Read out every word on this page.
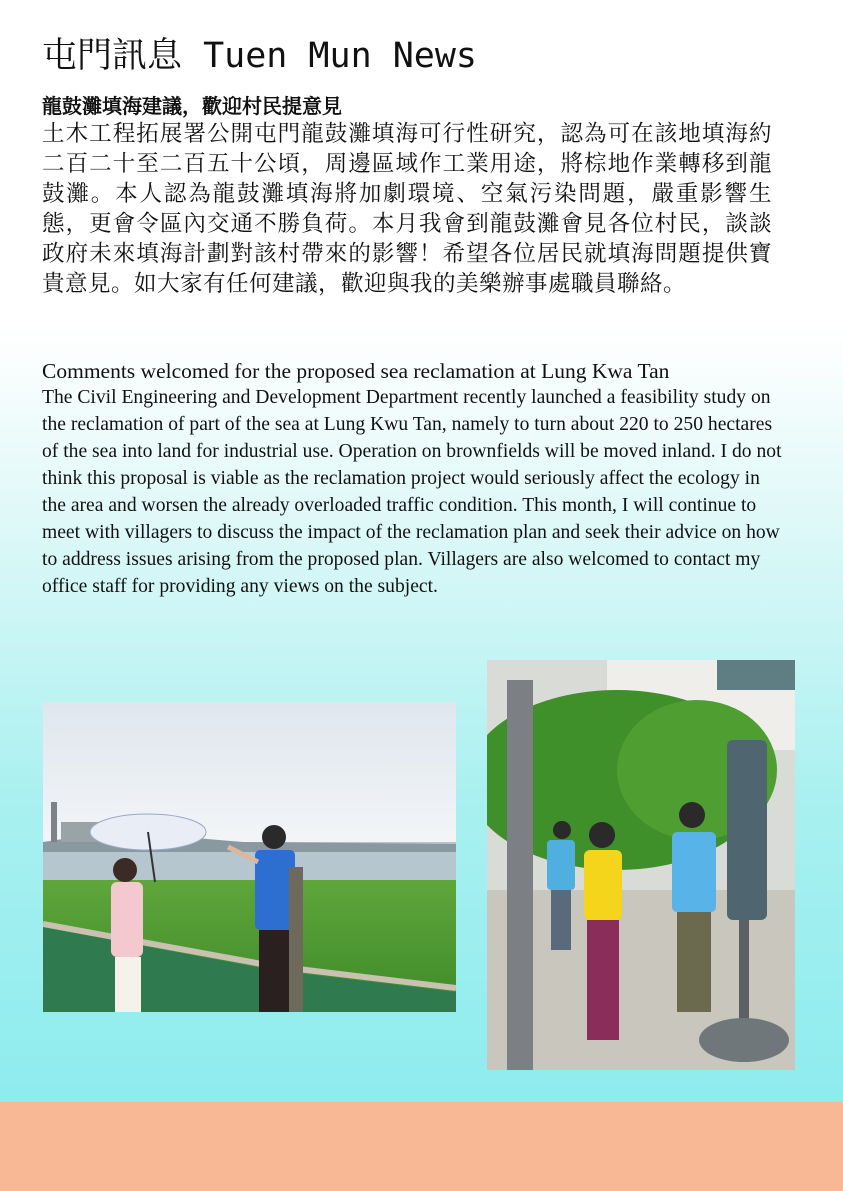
屯門訊息 Tuen Mun News
龍鼓灘填海建議，歡迎村民提意見
土木工程拓展署公開屯門龍鼓灘填海可行性研究，認為可在該地填海約二百二十至二百五十公頃，周邊區域作工業用途，將棕地作業轉移到龍鼓灘。本人認為龍鼓灘填海將加劇環境、空氣污染問題，嚴重影響生態，更會令區內交通不勝負荷。本月我會到龍鼓灘會見各位村民，談談政府未來填海計劃對該村帶來的影響！希望各位居民就填海問題提供寶貴意見。如大家有任何建議，歡迎與我的美樂辦事處職員聯絡。
Comments welcomed for the proposed sea reclamation at Lung Kwa Tan
The Civil Engineering and Development Department recently launched a feasibility study on the reclamation of part of the sea at Lung Kwu Tan, namely to turn about 220 to 250 hectares of the sea into land for industrial use. Operation on brownfields will be moved inland. I do not think this proposal is viable as the reclamation project would seriously affect the ecology in the area and worsen the already overloaded traffic condition. This month, I will continue to meet with villagers to discuss the impact of the reclamation plan and seek their advice on how to address issues arising from the proposed plan. Villagers are also welcomed to contact my office staff for providing any views on the subject.
